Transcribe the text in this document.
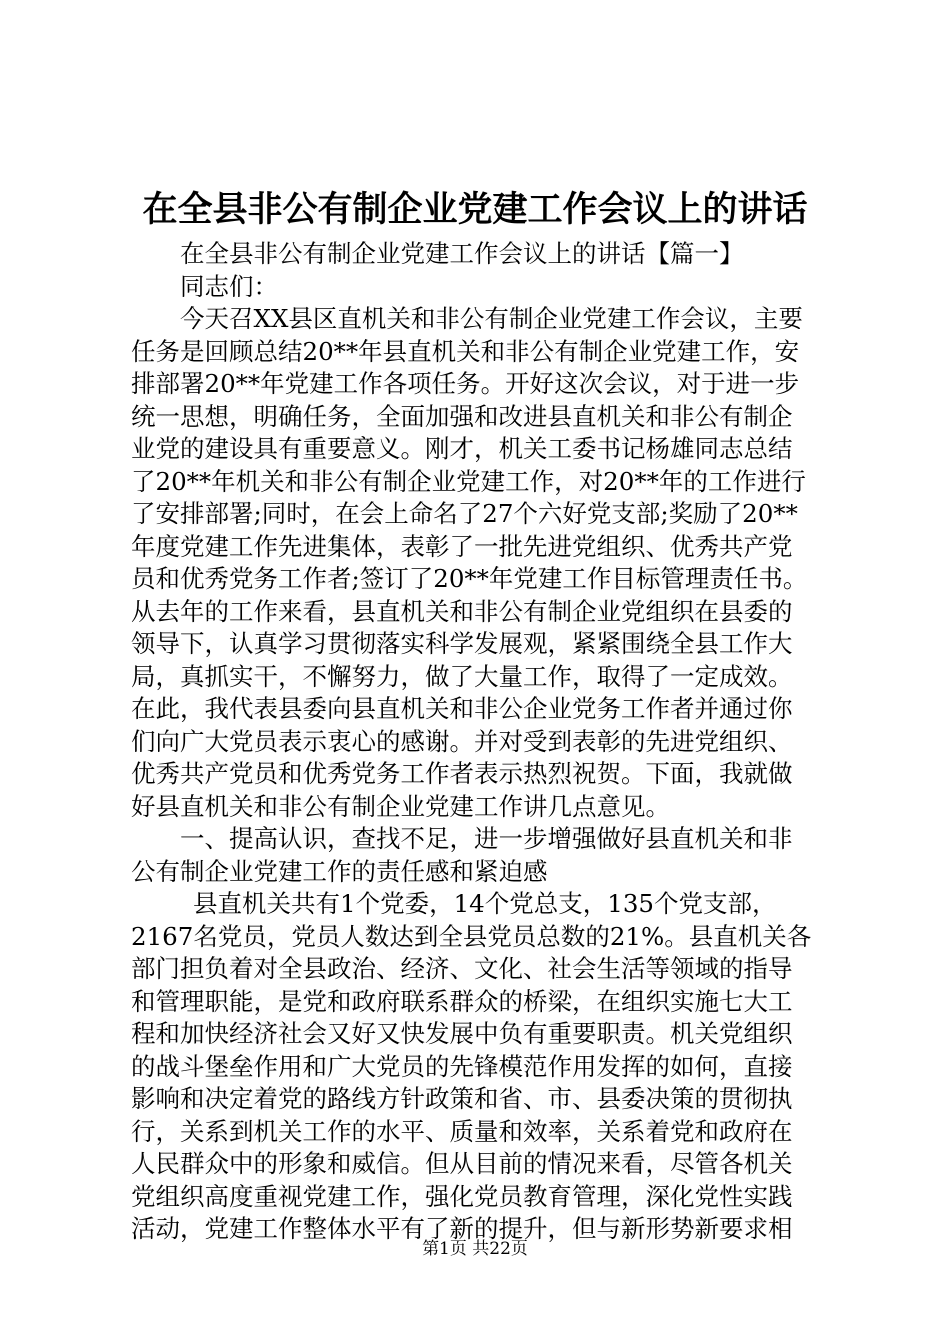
在全县非公有制企业党建工作会议上的讲话
在全县非公有制企业党建工作会议上的讲话【篇一】
同志们：
今天召XX县区直机关和非公有制企业党建工作会议，主要
任务是回顾总结20**年县直机关和非公有制企业党建工作，安
排部署20**年党建工作各项任务。开好这次会议，对于进一步
统一思想，明确任务，全面加强和改进县直机关和非公有制企
业党的建设具有重要意义。刚才，机关工委书记杨雄同志总结
了20**年机关和非公有制企业党建工作，对20**年的工作进行
了安排部署;同时，在会上命名了27个六好党支部;奖励了20**
年度党建工作先进集体，表彰了一批先进党组织、优秀共产党
员和优秀党务工作者;签订了20**年党建工作目标管理责任书。
从去年的工作来看，县直机关和非公有制企业党组织在县委的
领导下，认真学习贯彻落实科学发展观，紧紧围绕全县工作大
局，真抓实干，不懈努力，做了大量工作，取得了一定成效。
在此，我代表县委向县直机关和非公企业党务工作者并通过你
们向广大党员表示衷心的感谢。并对受到表彰的先进党组织、
优秀共产党员和优秀党务工作者表示热烈祝贺。下面，我就做
好县直机关和非公有制企业党建工作讲几点意见。
一、提高认识，查找不足，进一步增强做好县直机关和非
公有制企业党建工作的责任感和紧迫感
县直机关共有1个党委，14个党总支，135个党支部，
2167名党员，党员人数达到全县党员总数的21%。县直机关各
部门担负着对全县政治、经济、文化、社会生活等领域的指导
和管理职能，是党和政府联系群众的桥梁，在组织实施七大工
程和加快经济社会又好又快发展中负有重要职责。机关党组织
的战斗堡垒作用和广大党员的先锋模范作用发挥的如何，直接
影响和决定着党的路线方针政策和省、市、县委决策的贯彻执
行，关系到机关工作的水平、质量和效率，关系着党和政府在
人民群众中的形象和威信。但从目前的情况来看，尽管各机关
党组织高度重视党建工作，强化党员教育管理，深化党性实践
活动，党建工作整体水平有了新的提升，但与新形势新要求相
第1页 共22页
